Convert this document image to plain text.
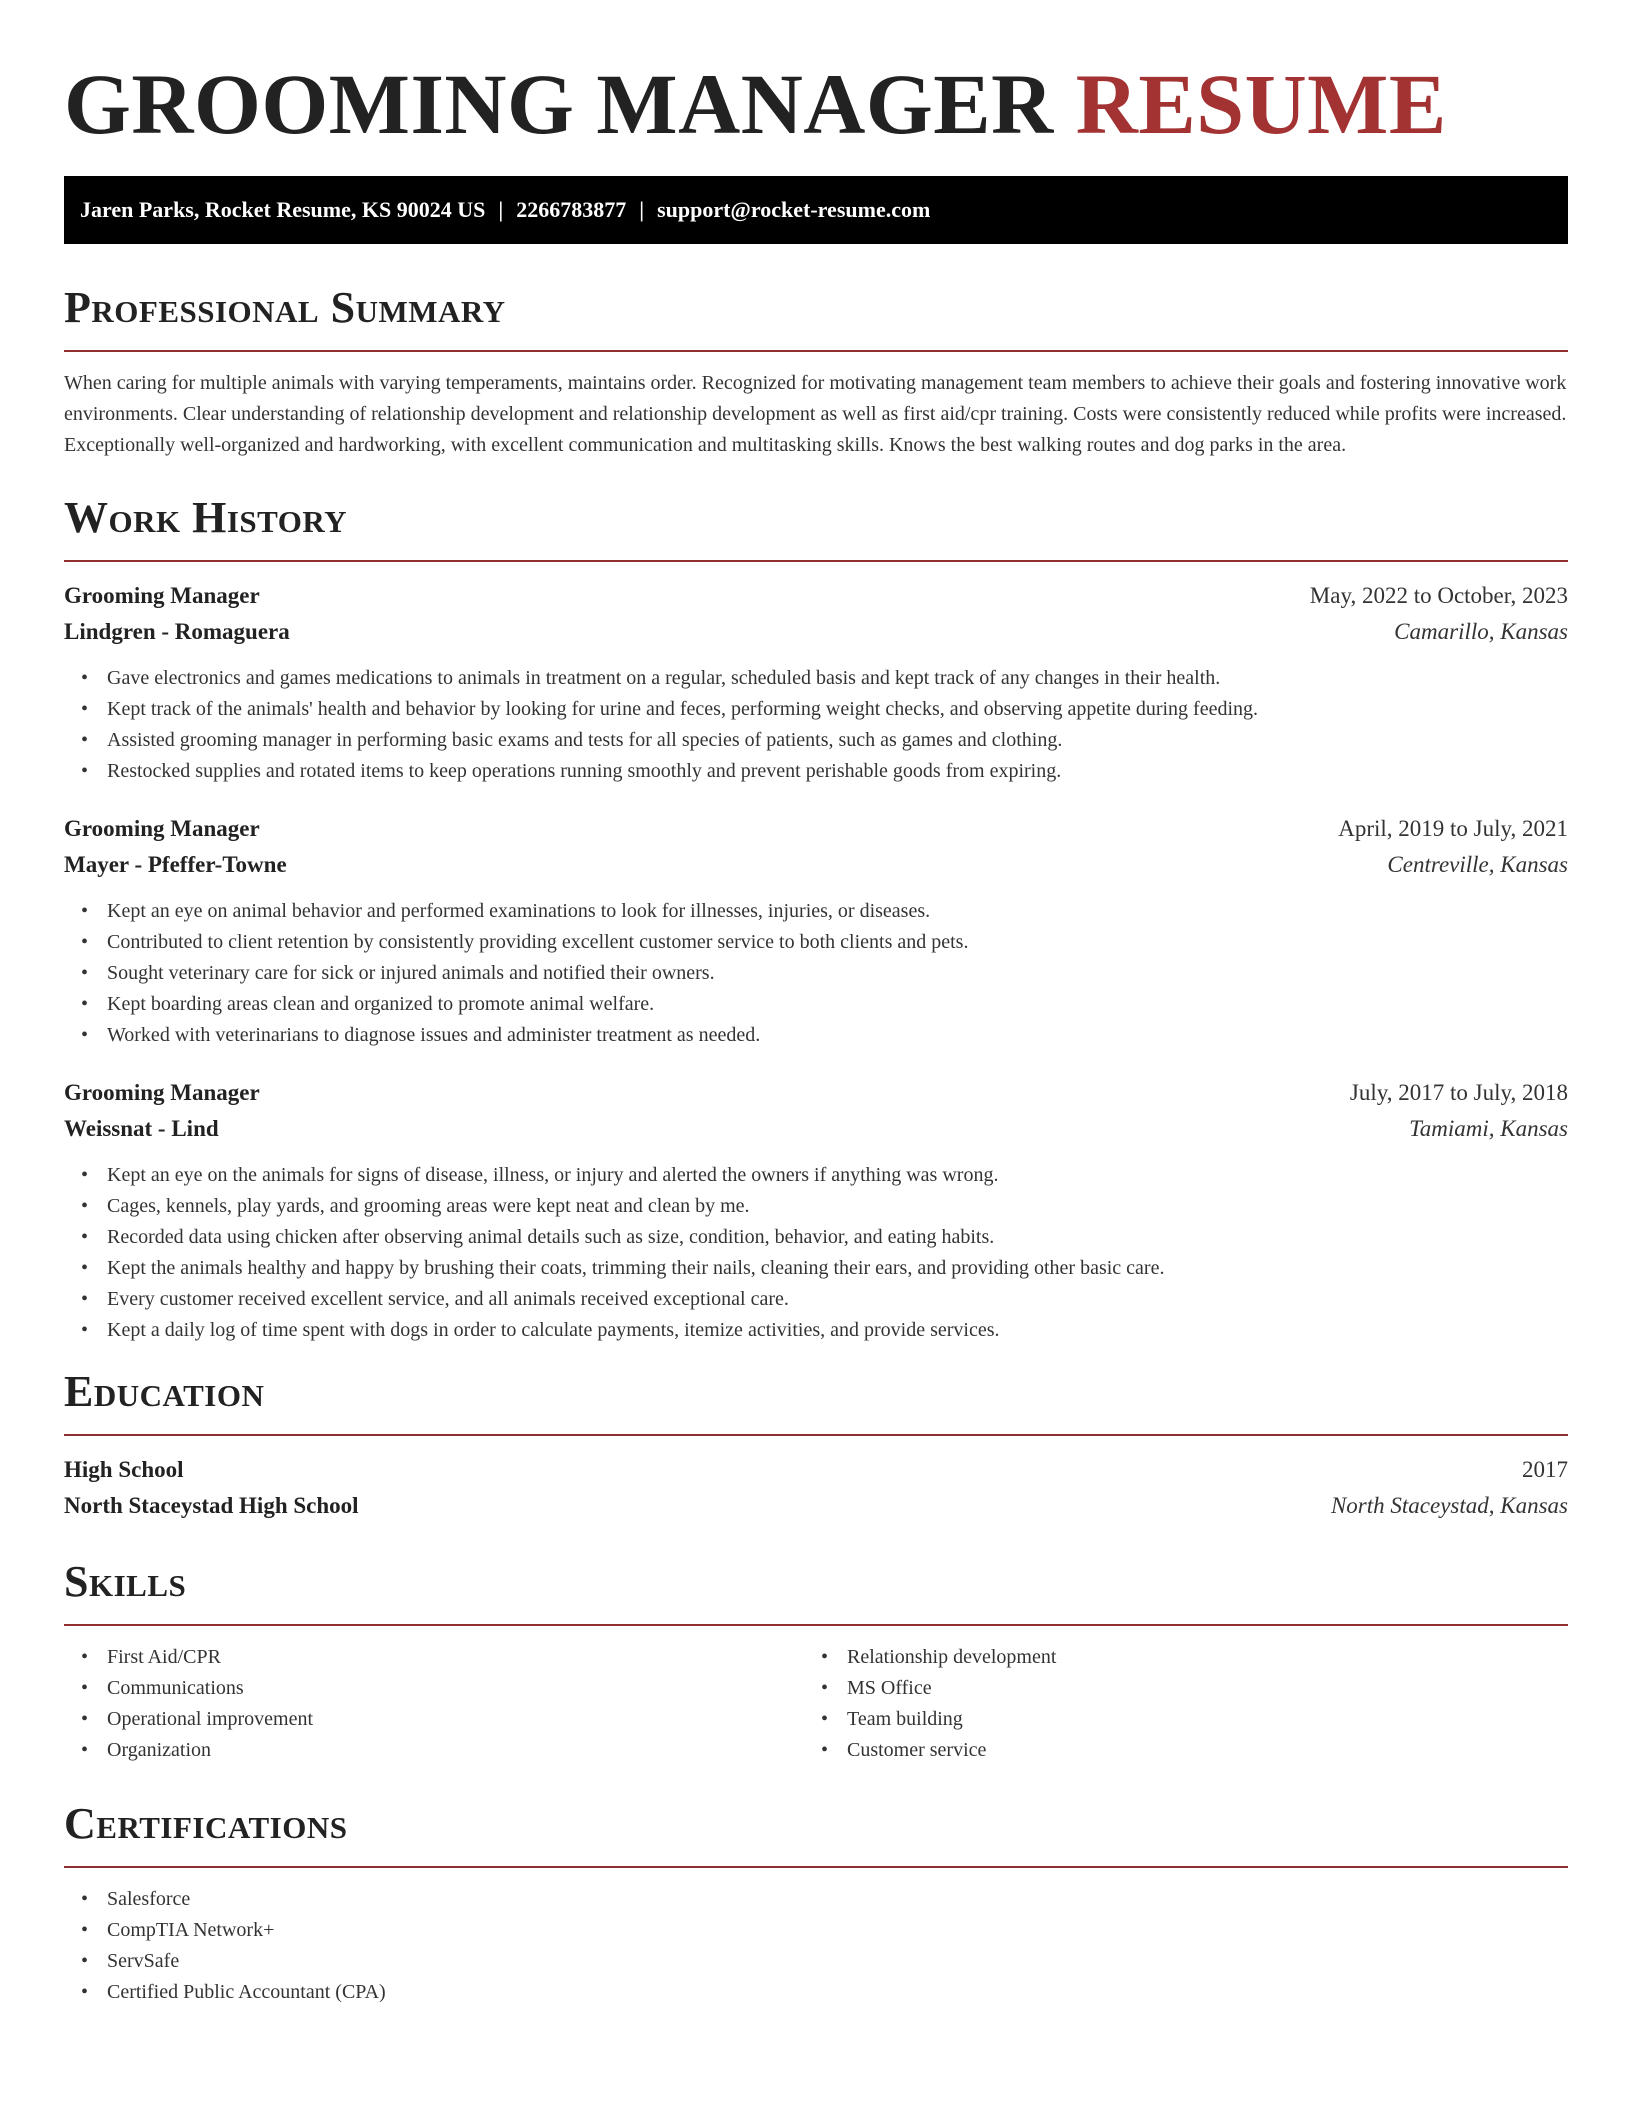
GROOMING MANAGER RESUME
Jaren Parks, Rocket Resume, KS 90024 US | 2266783877 | support@rocket-resume.com
Professional Summary

When caring for multiple animals with varying temperaments, maintains order. Recognized for motivating management team members to achieve their goals and fostering innovative work environments. Clear understanding of relationship development and relationship development as well as first aid/cpr training. Costs were consistently reduced while profits were increased. Exceptionally well-organized and hardworking, with excellent communication and multitasking skills. Knows the best walking routes and dog parks in the area.

Work History
Grooming Manager	May, 2022 to October, 2023
Lindgren - Romaguera	Camarillo, Kansas
• Gave electronics and games medications to animals in treatment on a regular, scheduled basis and kept track of any changes in their health.
• Kept track of the animals' health and behavior by looking for urine and feces, performing weight checks, and observing appetite during feeding.
• Assisted grooming manager in performing basic exams and tests for all species of patients, such as games and clothing.
• Restocked supplies and rotated items to keep operations running smoothly and prevent perishable goods from expiring.
Grooming Manager	April, 2019 to July, 2021
Mayer - Pfeffer-Towne	Centreville, Kansas
• Kept an eye on animal behavior and performed examinations to look for illnesses, injuries, or diseases.
• Contributed to client retention by consistently providing excellent customer service to both clients and pets.
• Sought veterinary care for sick or injured animals and notified their owners.
• Kept boarding areas clean and organized to promote animal welfare.
• Worked with veterinarians to diagnose issues and administer treatment as needed.
Grooming Manager	July, 2017 to July, 2018
Weissnat - Lind	Tamiami, Kansas
• Kept an eye on the animals for signs of disease, illness, or injury and alerted the owners if anything was wrong.
• Cages, kennels, play yards, and grooming areas were kept neat and clean by me.
• Recorded data using chicken after observing animal details such as size, condition, behavior, and eating habits.
• Kept the animals healthy and happy by brushing their coats, trimming their nails, cleaning their ears, and providing other basic care.
• Every customer received excellent service, and all animals received exceptional care.
• Kept a daily log of time spent with dogs in order to calculate payments, itemize activities, and provide services.
Education
High School	2017
North Staceystad High School	North Staceystad, Kansas
Skills
• First Aid/CPR
• Communications
• Operational improvement
• Organization
• Relationship development
• MS Office
• Team building
• Customer service
Certifications
• Salesforce
• CompTIA Network+
• ServSafe
• Certified Public Accountant (CPA)
